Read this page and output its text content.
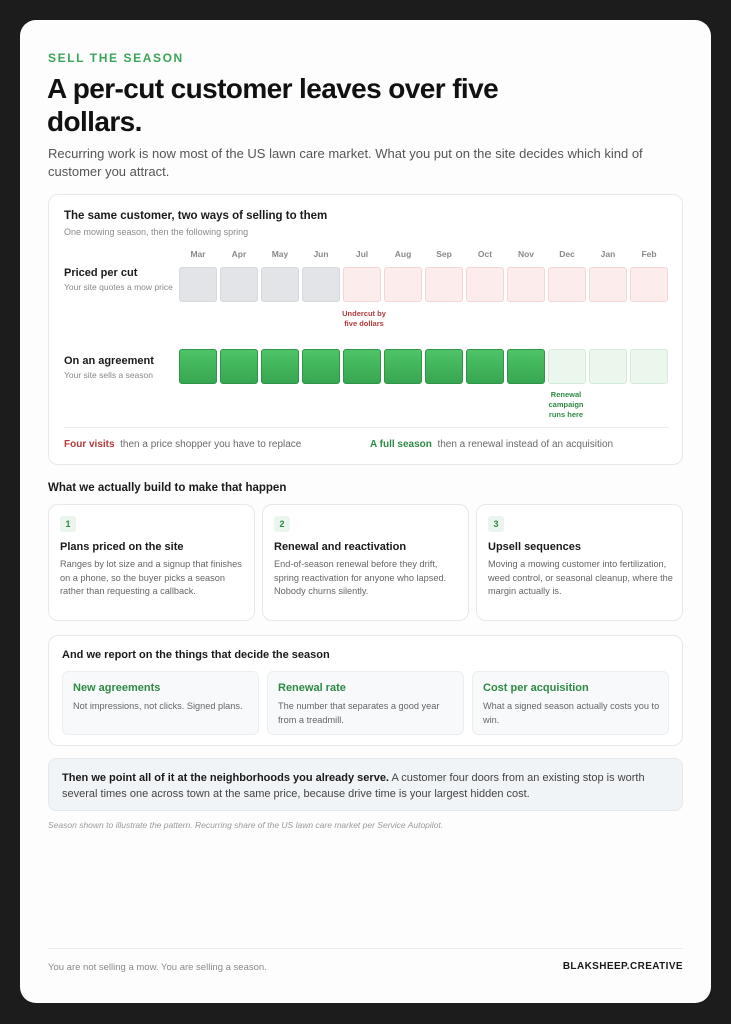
SELL THE SEASON
A per-cut customer leaves over five dollars.

Recurring work is now most of the US lawn care market. What you put on the site decides which kind of customer you attract.

The same customer, two ways of selling to them
One mowing season, then the following spring
Mar	Apr	May	Jun	Jul	Aug	Sep	Oct	Nov	Dec	Jan	Feb
Priced per cut
Your site quotes a mow price
Undercut by five dollars
On an agreement
Your site sells a season
Renewal campaign runs here
Four visits then a price shopper you have to replace	A full season then a renewal instead of an acquisition
What we actually build to make that happen
1
Plans priced on the site
Ranges by lot size and a signup that finishes on a phone, so the buyer picks a season rather than requesting a callback.
2
Renewal and reactivation
End-of-season renewal before they drift, spring reactivation for anyone who lapsed. Nobody churns silently.
3
Upsell sequences
Moving a mowing customer into fertilization, weed control, or seasonal cleanup, where the margin actually is.
And we report on the things that decide the season
New agreements
Not impressions, not clicks. Signed plans.
Renewal rate
The number that separates a good year from a treadmill.
Cost per acquisition
What a signed season actually costs you to win.
Then we point all of it at the neighborhoods you already serve. A customer four doors from an existing stop is worth several times one across town at the same price, because drive time is your largest hidden cost.
Season shown to illustrate the pattern. Recurring share of the US lawn care market per Service Autopilot.
You are not selling a mow. You are selling a season.	BLAKSHEEP.CREATIVE
